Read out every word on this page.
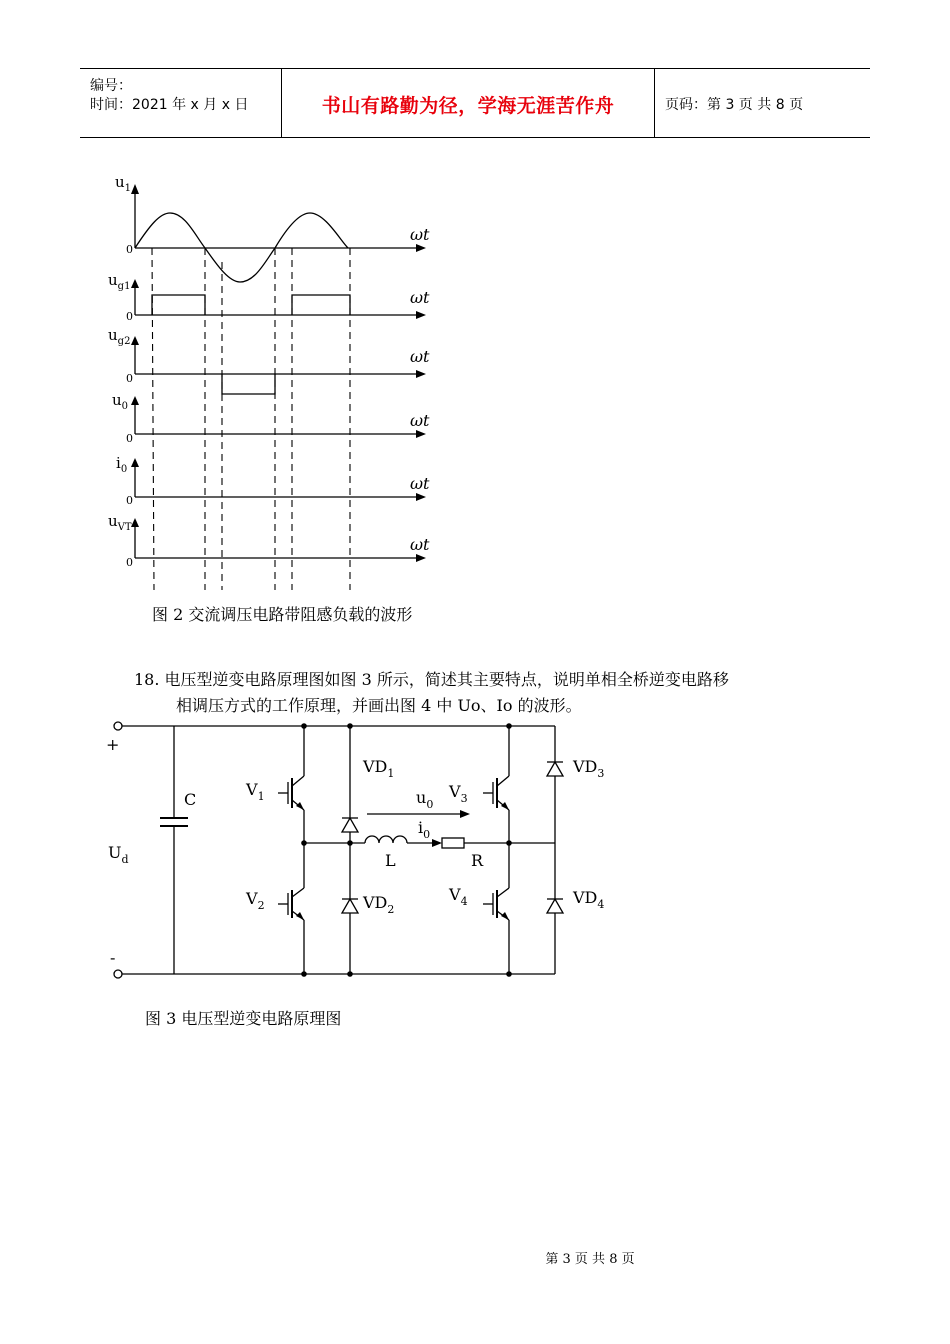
编号：
时间：2021 年 x 月 x 日	书山有路勤为径，学海无涯苦作舟	页码：第 3 页 共 8 页
$u_1$
$u_{g1}$
$u_{g2}$
$u_0$
$i_0$
$u_{VT}$
ωt
ωt
ωt
ωt
ωt
ωt
0
0
0
0
0
0
图 2 交流调压电路带阻感负载的波形
18. 电压型逆变电路原理图如图 3 所示，简述其主要特点，说明单相全桥逆变电路移
相调压方式的工作原理，并画出图 4 中 Uo、Io 的波形。
+
-
C
$U_d$
$V_1$
$V_2$
$V_3$
$V_4$
$VD_1$
$VD_2$
$VD_3$
$VD_4$
$u_0$
$i_0$
L	R
图 3 电压型逆变电路原理图
第 3 页 共 8 页
